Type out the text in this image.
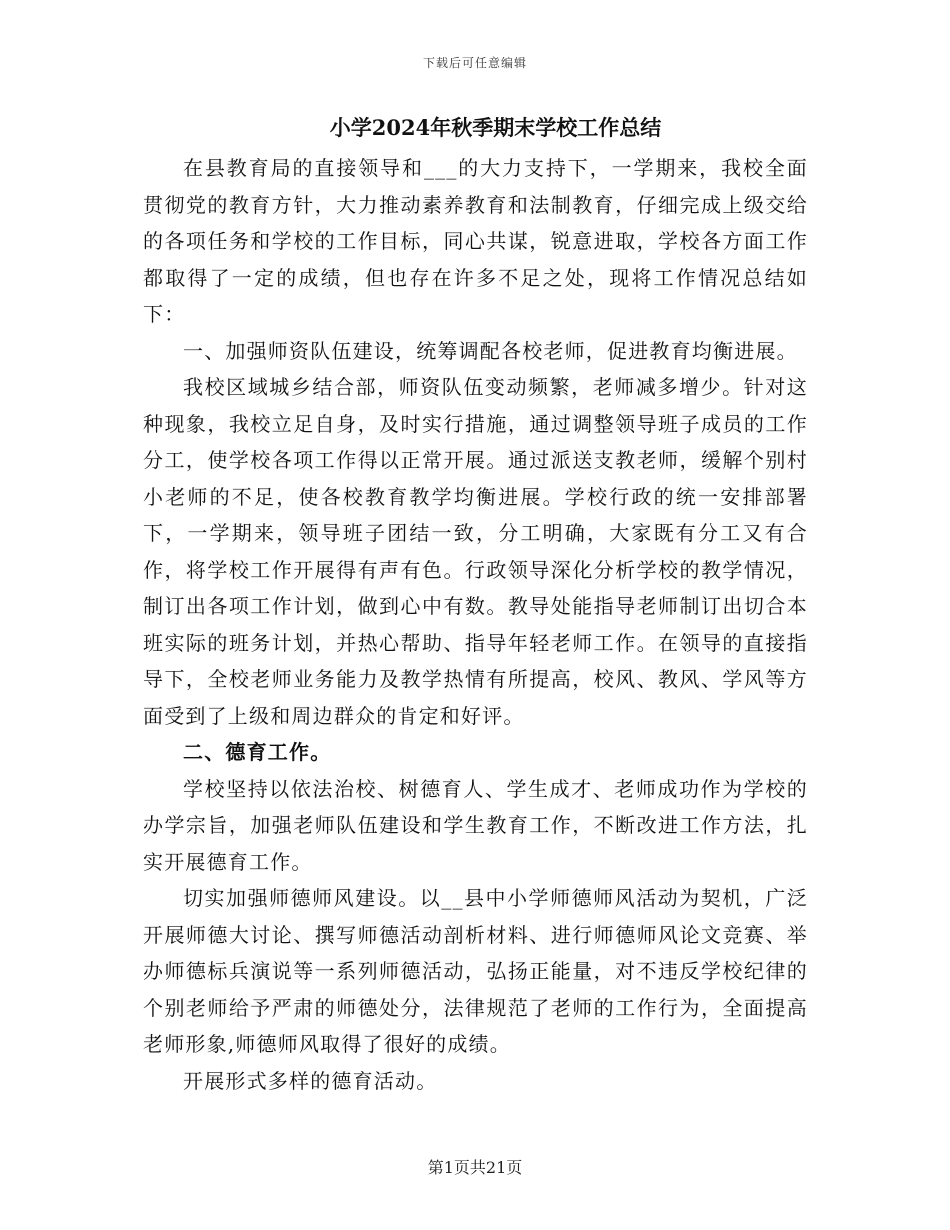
下载后可任意编辑
小学2024年秋季期末学校工作总结

在县教育局的直接领导和___的大力支持下，一学期来，我校全面贯彻党的教育方针，大力推动素养教育和法制教育，仔细完成上级交给的各项任务和学校的工作目标，同心共谋，锐意进取，学校各方面工作都取得了一定的成绩，但也存在许多不足之处，现将工作情况总结如下：

一、加强师资队伍建设，统筹调配各校老师，促进教育均衡进展。

我校区域城乡结合部，师资队伍变动频繁，老师减多增少。针对这种现象，我校立足自身，及时实行措施，通过调整领导班子成员的工作分工，使学校各项工作得以正常开展。通过派送支教老师，缓解个别村小老师的不足，使各校教育教学均衡进展。学校行政的统一安排部署下，一学期来，领导班子团结一致，分工明确，大家既有分工又有合作，将学校工作开展得有声有色。行政领导深化分析学校的教学情况，制订出各项工作计划，做到心中有数。教导处能指导老师制订出切合本班实际的班务计划，并热心帮助、指导年轻老师工作。在领导的直接指导下，全校老师业务能力及教学热情有所提高，校风、教风、学风等方面受到了上级和周边群众的肯定和好评。

二、德育工作。

学校坚持以依法治校、树德育人、学生成才、老师成功作为学校的办学宗旨，加强老师队伍建设和学生教育工作，不断改进工作方法，扎实开展德育工作。

切实加强师德师风建设。以__县中小学师德师风活动为契机，广泛开展师德大讨论、撰写师德活动剖析材料、进行师德师风论文竞赛、举办师德标兵演说等一系列师德活动，弘扬正能量，对不违反学校纪律的个别老师给予严肃的师德处分，法律规范了老师的工作行为，全面提高老师形象,师德师风取得了很好的成绩。

开展形式多样的德育活动。

第1页共21页
